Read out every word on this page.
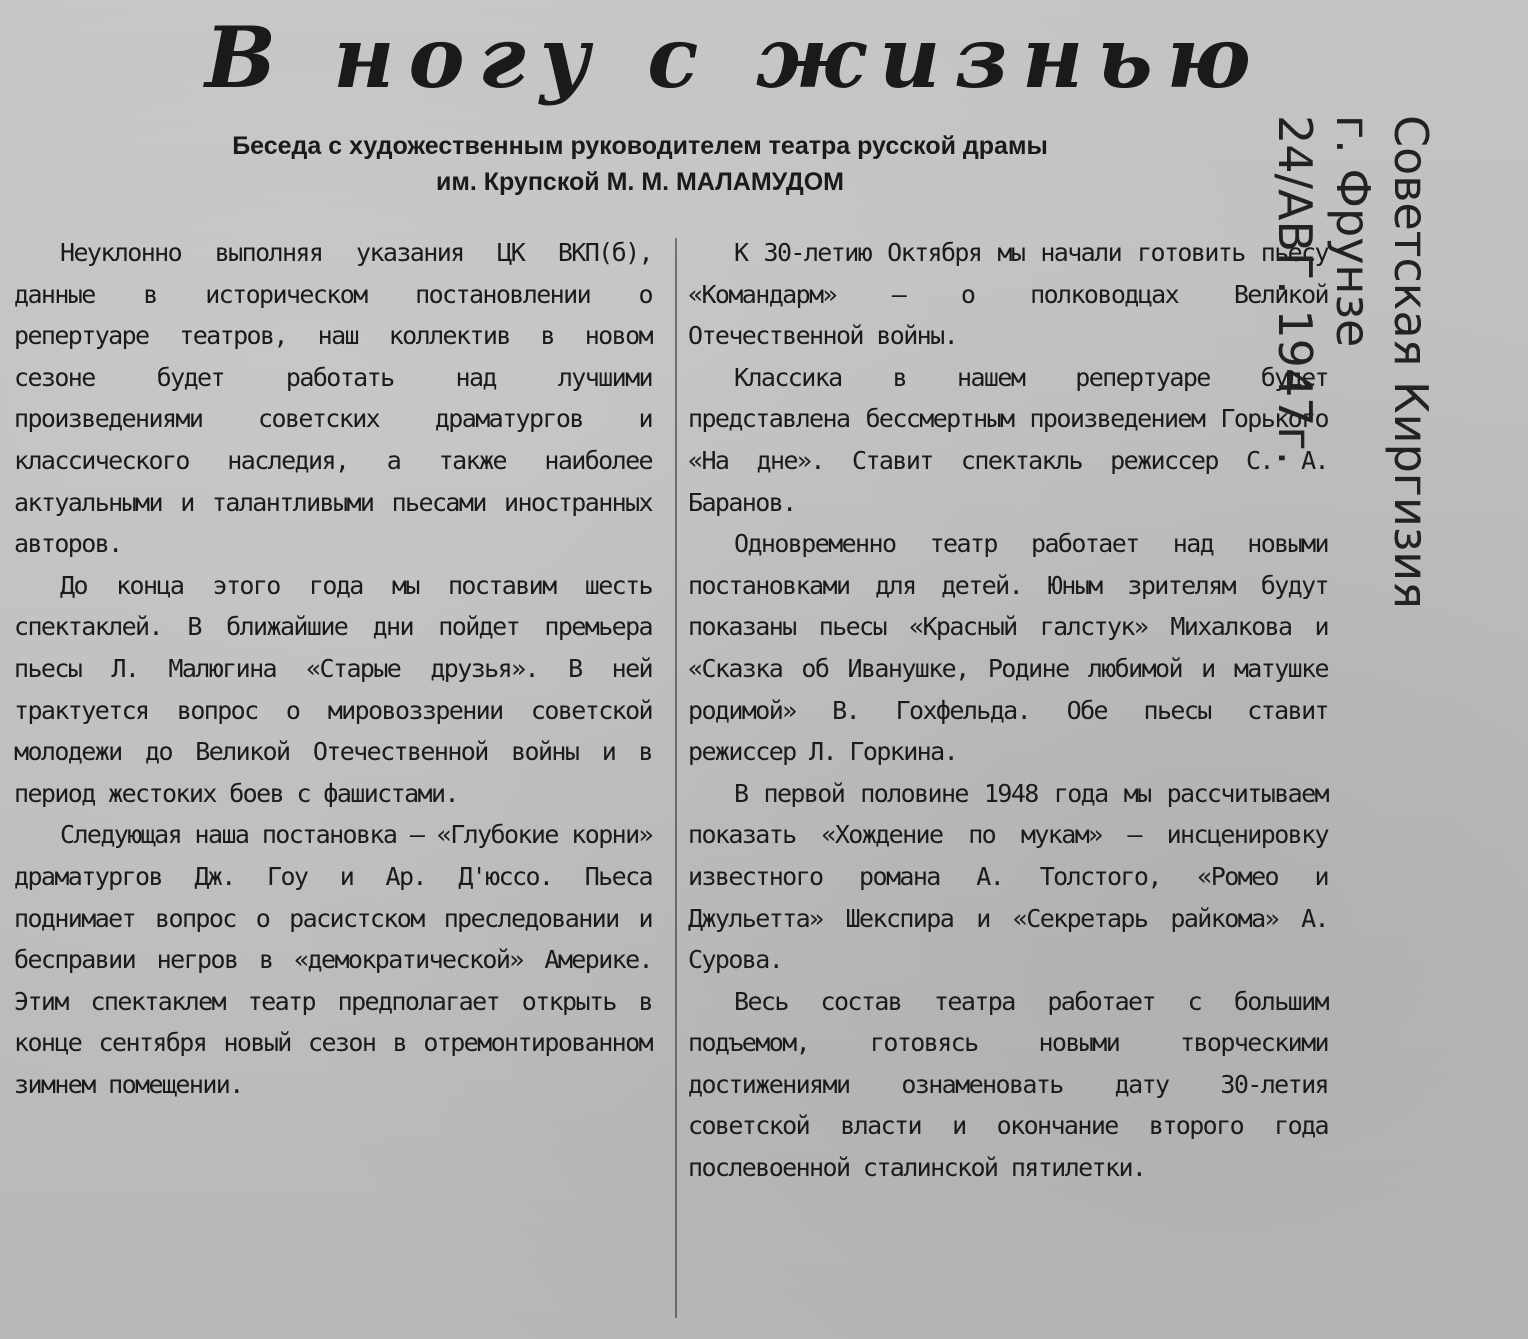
В ногу с жизнью
Беседа с художественным руководителем театра русской драмы
им. Крупской М. М. МАЛАМУДОМ

Неуклонно выполняя указания ЦК ВКП(б), данные в историческом постановлении о репертуаре театров, наш коллектив в новом сезоне будет работать над лучшими произведениями советских драматургов и классического наследия, а также наиболее актуальными и талантливыми пьесами иностранных авторов.

До конца этого года мы поставим шесть спектаклей. В ближайшие дни пойдет премьера пьесы Л. Малюгина «Старые друзья». В ней трактуется вопрос о мировоззрении советской молодежи до Великой Отечественной войны и в период жестоких боев с фашистами.

Следующая наша постановка — «Глубокие корни» драматургов Дж. Гоу и Ар. Д'юссо. Пьеса поднимает вопрос о расистском преследовании и бесправии негров в «демократической» Америке. Этим спектаклем театр предполагает открыть в конце сентября новый сезон в отремонтированном зимнем помещении.

К 30-летию Октября мы начали готовить пьесу «Командарм» — о полководцах Великой Отечественной войны.

Классика в нашем репертуаре будет представлена бессмертным произведением Горького «На дне». Ставит спектакль режиссер С. А. Баранов.

Одновременно театр работает над новыми постановками для детей. Юным зрителям будут показаны пьесы «Красный галстук» Михалкова и «Сказка об Иванушке, Родине любимой и матушке родимой» В. Гохфельда. Обе пьесы ставит режиссер Л. Горкина.

В первой половине 1948 года мы рассчитываем показать «Хождение по мукам» — инсценировку известного романа А. Толстого, «Ромео и Джульетта» Шекспира и «Секретарь райкома» А. Сурова.

Весь состав театра работает с большим подъемом, готовясь новыми творческими достижениями ознаменовать дату 30-летия советской власти и окончание второго года послевоенной сталинской пятилетки.

Советская Киргизия
г. Фрунзе
24/АВГ. 1947г.
